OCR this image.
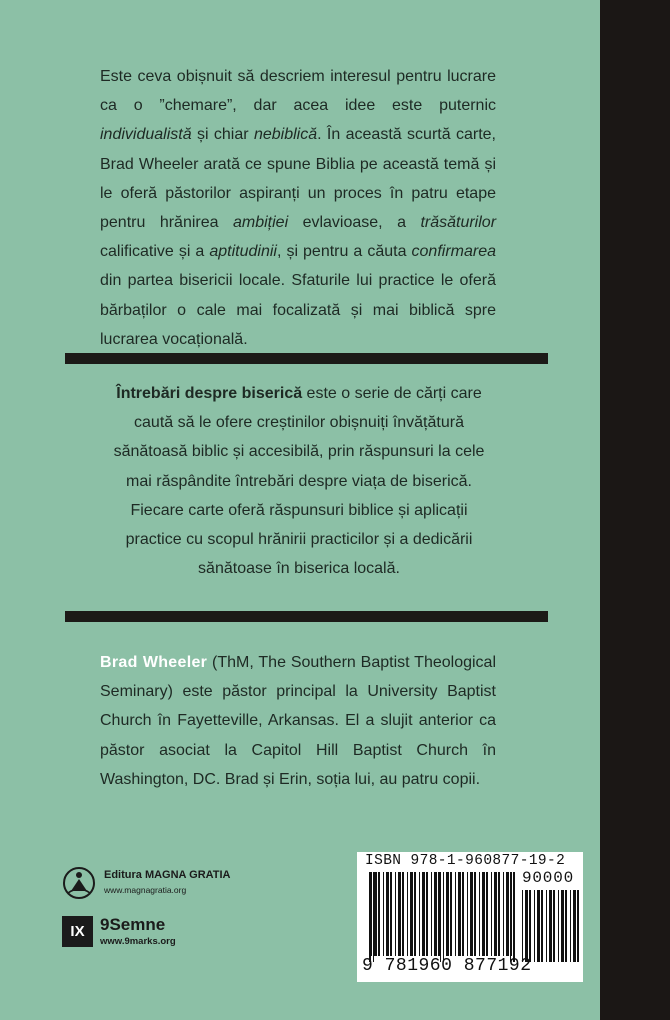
Este ceva obișnuit să descriem interesul pentru lucrare ca o ”chemare”, dar acea idee este puternic individualistă și chiar nebiblică. În această scurtă carte, Brad Wheeler arată ce spune Biblia pe această temă și le oferă păstorilor aspiranți un proces în patru etape pentru hrănirea ambiției evlavioase, a trăsăturilor calificative și a aptitudinii, și pentru a căuta confirmarea din partea bisericii locale. Sfaturile lui practice le oferă bărbaților o cale mai focalizată și mai biblică spre lucrarea vocațională.

Întrebări despre biserică este o serie de cărți care caută să le ofere creștinilor obișnuiți învățătură sănătoasă biblic și accesibilă, prin răspunsuri la cele mai răspândite întrebări despre viața de biserică. Fiecare carte oferă răspunsuri biblice și aplicații practice cu scopul hrănirii practicilor și a dedicării sănătoase în biserica locală.

Brad Wheeler (ThM, The Southern Baptist Theological Seminary) este păstor principal la University Baptist Church în Fayetteville, Arkansas. El a slujit anterior ca păstor asociat la Capitol Hill Baptist Church în Washington, DC. Brad și Erin, soția lui, au patru copii.

Editura MAGNA GRATIA
www.magnagratia.org
IX 9Semne
www.9marks.org
ISBN 978-1-960877-19-2
90000
9 781960 877192
